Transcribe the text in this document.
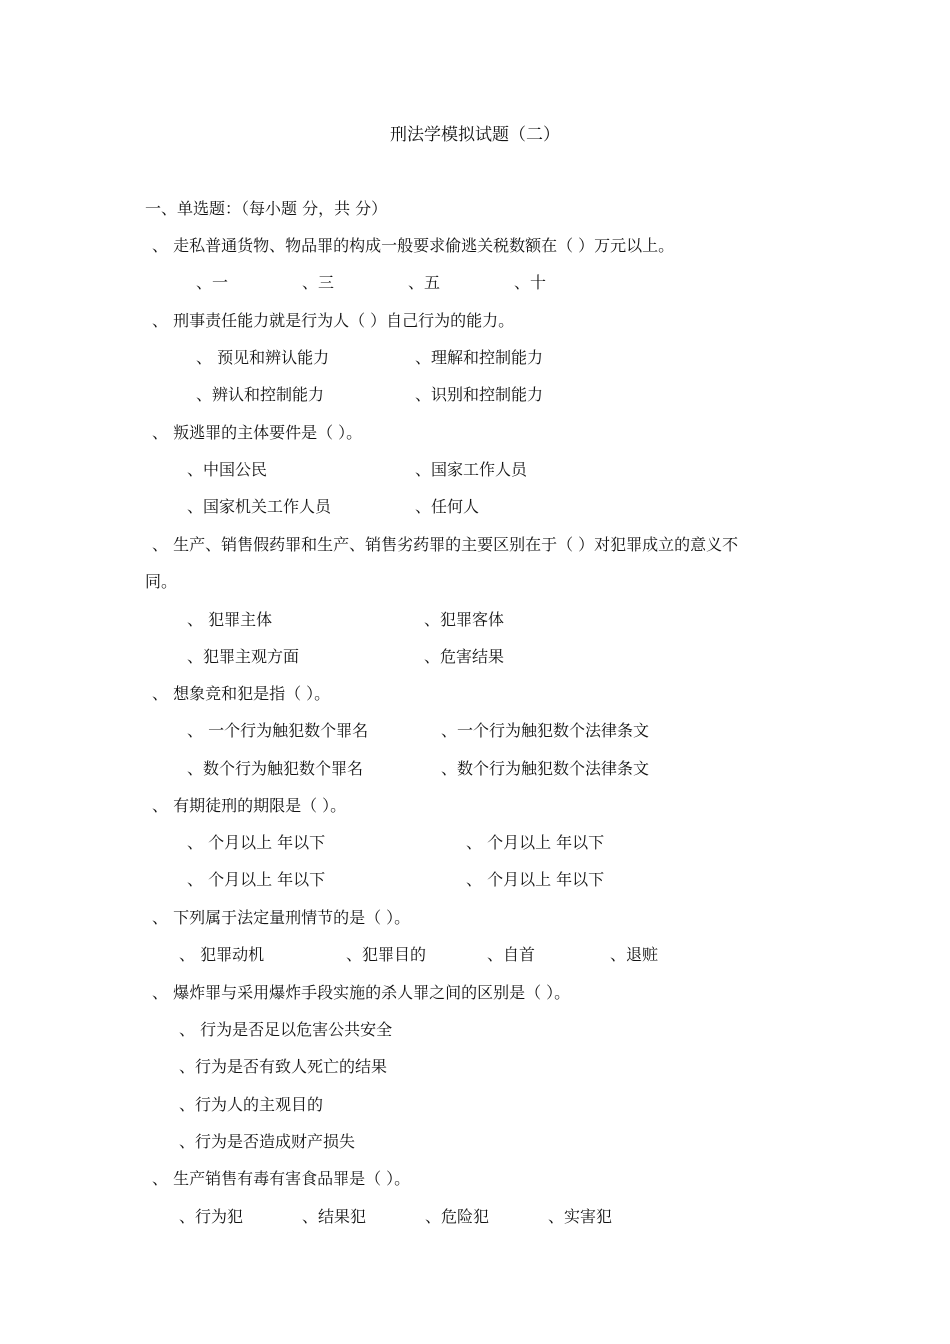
刑法学模拟试题（二）
一、单选题：（每小题 分，共 分）
、 走私普通货物、物品罪的构成一般要求偷逃关税数额在（ ）万元以上。
、一	、三	、五	、十
、 刑事责任能力就是行为人（ ）自己行为的能力。
、 预见和辨认能力	、理解和控制能力
、辨认和控制能力	、识别和控制能力
、 叛逃罪的主体要件是（ ）。
、中国公民	、国家工作人员
、国家机关工作人员	、任何人
、 生产、销售假药罪和生产、销售劣药罪的主要区别在于（ ）对犯罪成立的意义不
同。
、 犯罪主体	、犯罪客体
、犯罪主观方面	、危害结果
、 想象竞和犯是指（ ）。
、 一个行为触犯数个罪名	、一个行为触犯数个法律条文
、数个行为触犯数个罪名	、数个行为触犯数个法律条文
、 有期徒刑的期限是（ ）。
、 个月以上 年以下	、 个月以上 年以下
、 个月以上 年以下	、 个月以上 年以下
、 下列属于法定量刑情节的是（ ）。
、 犯罪动机	、犯罪目的	、自首	、退赃
、 爆炸罪与采用爆炸手段实施的杀人罪之间的区别是（ ）。
、 行为是否足以危害公共安全
、行为是否有致人死亡的结果
、行为人的主观目的
、行为是否造成财产损失
、 生产销售有毒有害食品罪是（ ）。
、行为犯	、结果犯	、危险犯	、实害犯
